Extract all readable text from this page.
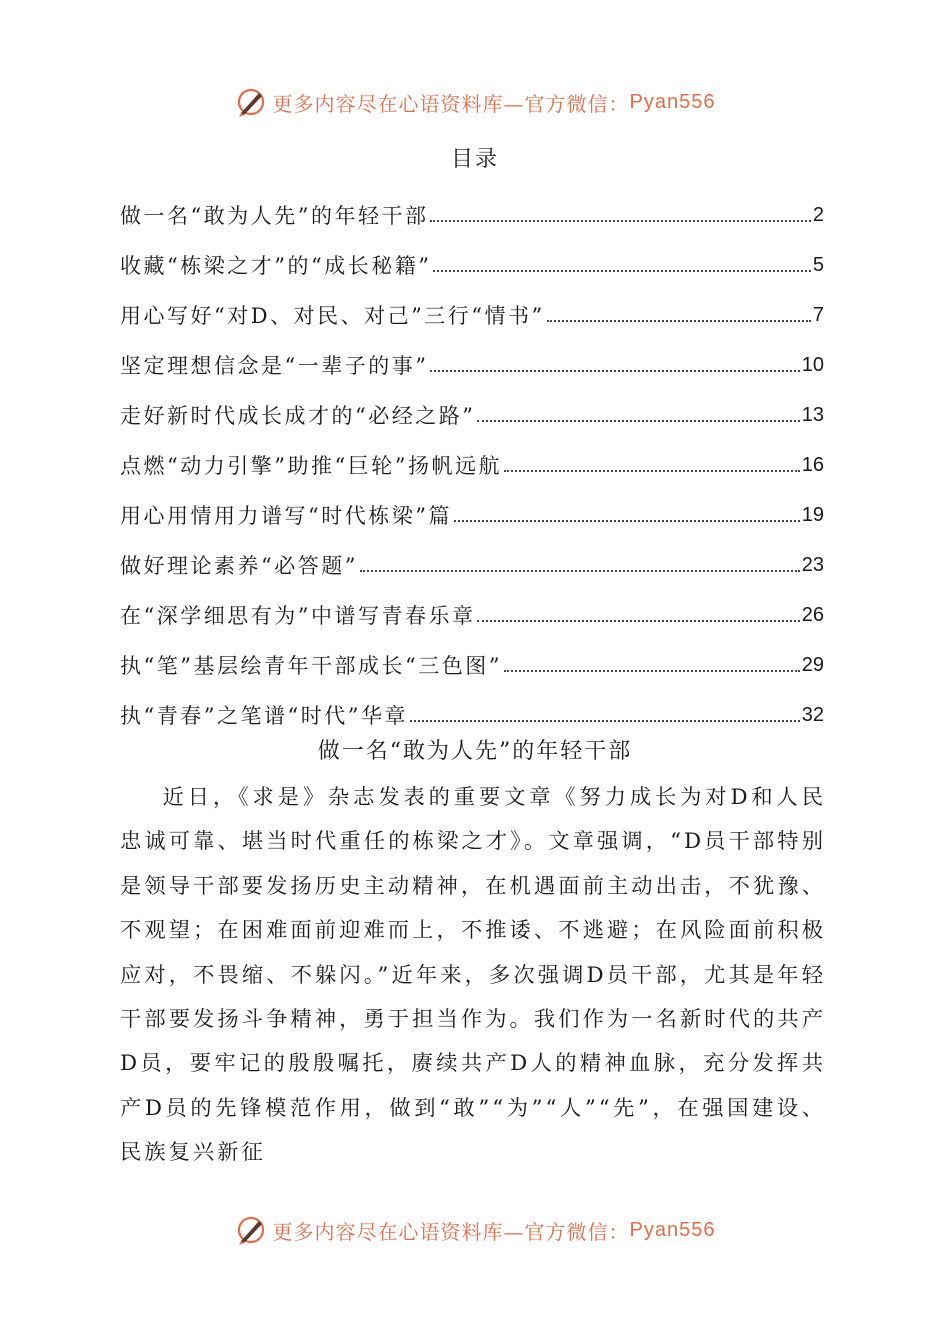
更多内容尽在心语资料库—官方微信： Pyan556
目录
做一名“敢为人先”的年轻干部	2
收藏“栋梁之才”的“成长秘籍”	5
用心写好“对D、对民、对己”三行“情书”	7
坚定理想信念是“一辈子的事”	10
走好新时代成长成才的“必经之路”	13
点燃“动力引擎”助推“巨轮”扬帆远航	16
用心用情用力谱写“时代栋梁”篇	19
做好理论素养“必答题”	23
在“深学细思有为”中谱写青春乐章	26
执“笔”基层绘青年干部成长“三色图”	29
执“青春”之笔谱“时代”华章	32
做一名“敢为人先”的年轻干部

近日，《求是》杂志发表的重要文章《努力成长为对D和人民忠诚可靠、堪当时代重任的栋梁之才》。文章强调，“D员干部特别是领导干部要发扬历史主动精神，在机遇面前主动出击，不犹豫、不观望；在困难面前迎难而上，不推诿、不逃避；在风险面前积极应对，不畏缩、不躲闪。”近年来，多次强调D员干部，尤其是年轻干部要发扬斗争精神，勇于担当作为。我们作为一名新时代的共产D员，要牢记的殷殷嘱托，赓续共产D人的精神血脉，充分发挥共产D员的先锋模范作用，做到“敢”“为”“人”“先”，在强国建设、民族复兴新征

更多内容尽在心语资料库—官方微信： Pyan556
